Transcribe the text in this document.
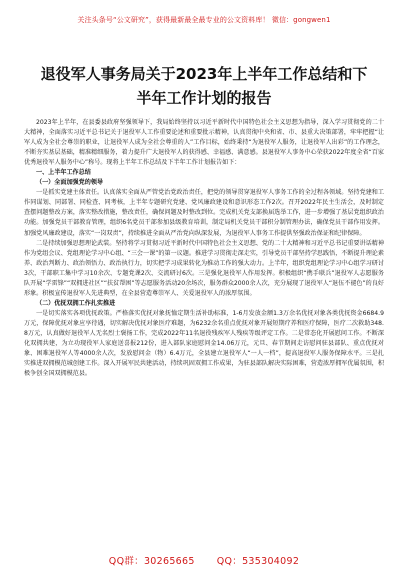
关注头条号“公文研究”，获得最新最全最专业的公文资料库！ 微信：gongwen1
退役军人事务局关于2023年上半年工作总结和下半年工作计划的报告

2023年上半年，在县委县政府坚强领导下，我局始终坚持以习近平新时代中国特色社会主义思想为指导，深入学习贯彻党的二十大精神，全面落实习近平总书记关于退役军人工作重要论述和重要批示精神，认真贯彻中央和省、市、县重大决策部署，牢牢把握“让军人成为全社会尊崇的职业，让退役军人成为全社会尊重的人”工作目标，始终秉持“为退役军人服务，让退役军人出彩”的工作理念，不断夯实基层基础，精准精细服务，着力提升广大退役军人的获得感、幸福感、满意感。县退役军人事务中心荣获2022年度全省“百家优秀退役军人服务中心”称号。现将上半年工作总结及下半年工作计划报告如下：

一、上半年工作总结

（一）全面加强党的领导

一是抓实党建主体责任。认真落实全面从严管党治党政治责任，把党的领导贯穿退役军人事务工作的全过程各领域。坚持党建和工作同谋划、同部署、同检查、同考核，上半年专题研究党建、党风廉政建设和意识形态工作2次。召开2022年民主生活会，及时制定查摆问题整改方案，落实整改措施，整改责任，确保问题及时整改到位。完成机关党支部换届选举工作，进一步增强了基层党组织政治功能。加强党员干部教育管理，组织6名党员干部参加县级教育培训，制定局机关党员干部积分制管理办法，确保党员干部作用发挥。加强党风廉政建设，落实“一岗双责”，持续推进全面从严治党向纵深发展，为退役军人事务工作提供坚强政治保证和纪律保障。

二是持续加强思想理论武装。坚持将学习贯彻习近平新时代中国特色社会主义思想、党的二十大精神和习近平总书记重要讲话精神作为党组会议、党组理论学习中心组、“三会一课”的第一议题。推进学习贯彻走深走实，引导党员干部坚持学思践悟，不断提升理论素养、政治判断力、政治领悟力、政治执行力，切实把学习成果转化为推动工作的强大动力。上半年，组织党组理论学习中心组学习研讨3次，干部职工集中学习10余次、专题党课2次、交流研讨6次。三是强化退役军人作用发挥。积极组织“携手联兵”退役军人志愿服务队开展“学雷锋”“双拥进社区”“扶贫帮困”等志愿服务活动20余场次，服务群众2000余人次，充分展现了退役军人“退伍不褪色”的良好形象。积极宣传退役军人先进典型，在全县营造尊崇军人、关爱退役军人的浓厚氛围。

（二）优抚双拥工作扎实推进

一是切实落实各项优抚政策。严格落实优抚对象抚恤定期生活补助标准，1-6月发放金额1.3万余名优抚对象各类优抚资金6684.9万元，保障优抚对象应享待遇，切实解决优抚对象医疗难题，为6232余名重点优抚对象开展短期疗养和医疗保障，医疗二次救助348.8万元，认真做好退役军人无名烈士褒扬工作，完成2022年11名退役残疾军人残疾等级评定工作。二是常态化开展慰问工作。不断深化双拥共建，为立功现役军人家庭送喜报212份，进入部队家庭慰问金14.06万元，元旦、春节期间走访慰问驻县部队、重点优抚对象、困难退役军人等4000余人次，发放慰问金（物）6.4万元，全县建立退役军人“一人一档”，提高退役军人服务保障水平。三是扎实推进双拥模范城创建工作。深入开展军民共建活动，持续巩固双拥工作成果，为驻县部队解决实际困难，营造浓厚拥军优属氛围，积极争创全国双拥模范县。

QQ群：30265665 QQ：535304092
